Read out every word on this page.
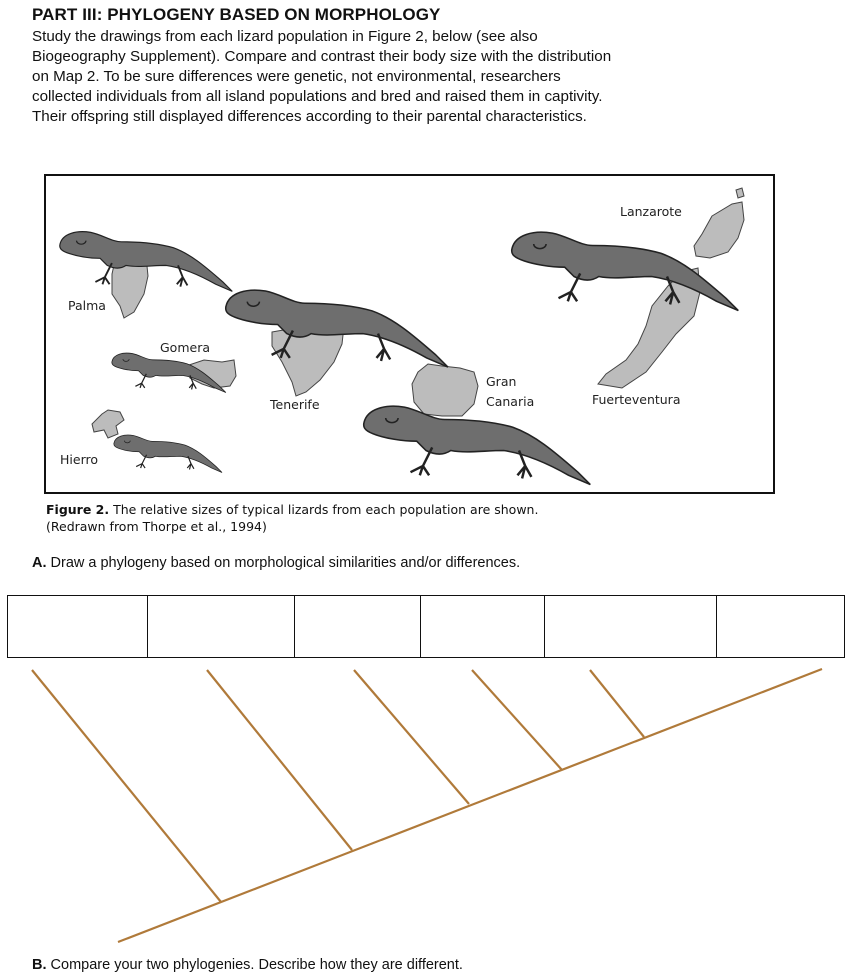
PART III: PHYLOGENY BASED ON MORPHOLOGY
Study the drawings from each lizard population in Figure 2, below (see also
Biogeography Supplement). Compare and contrast their body size with the distribution
on Map 2. To be sure differences were genetic, not environmental, researchers
collected individuals from all island populations and bred and raised them in captivity.
Their offspring still displayed differences according to their parental characteristics.
Palma
Gomera
Tenerife
Hierro
Gran
Canaria
Lanzarote
Fuerteventura
Figure 2. The relative sizes of typical lizards from each population are shown.
(Redrawn from Thorpe et al., 1994)
A. Draw a phylogeny based on morphological similarities and/or differences.
B. Compare your two phylogenies. Describe how they are different.
